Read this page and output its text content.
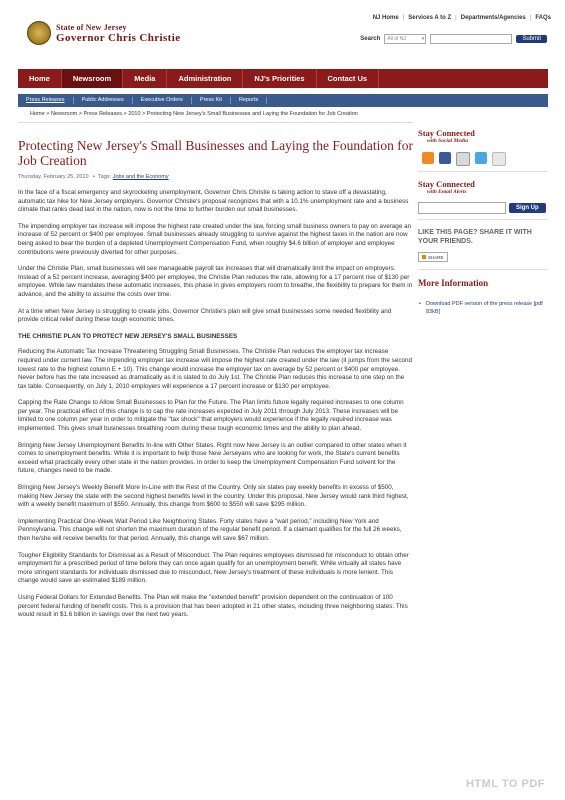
NJ Home | Services A to Z | Departments/Agencies | FAQs
State of New Jersey
Governor Chris Christie	Search	All of NJ	▾	Submit
Home	Newsroom	Media	Administration	NJ's Priorities	Contact Us
Press Releases	Public Addresses	Executive Orders	Press Kit	Reports
Home > Newsroom > Press Releases > 2010 > Protecting New Jersey's Small Businesses and Laying the Foundation for Job Creation
Protecting New Jersey's Small Businesses and Laying the Foundation for Job Creation
Thursday, February 25, 2010   ▪  Tags: Jobs and the Economy

In the face of a fiscal emergency and skyrocketing unemployment, Governor Chris Christie is taking action to stave off a devastating, automatic tax hike for New Jersey employers. Governor Christie's proposal recognizes that with a 10.1% unemployment rate and a business climate that ranks dead last in the nation, now is not the time to further burden our small businesses.

The impending employer tax increase will impose the highest rate created under the law, forcing small business owners to pay on average an increase of 52 percent or $400 per employee. Small businesses already struggling to survive against the highest taxes in the nation are now being asked to bear the burden of a depleted Unemployment Compensation Fund, when roughly $4.6 billion of employer and employee contributions were previously diverted for other purposes.

Under the Christie Plan, small businesses will see manageable payroll tax increases that will dramatically limit the impact on employers. Instead of a 52 percent increase, averaging $400 per employee, the Christie Plan reduces the rate, allowing for a 17 percent rise of $130 per employee. While law mandates these automatic increases, this phase in gives employers room to breathe, the flexibility to prepare for them in advance, and the ability to assume the costs over time.

At a time when New Jersey is struggling to create jobs, Governor Christie's plan will give small businesses some needed flexibility and provide critical relief during these tough economic times.

THE CHRISTIE PLAN TO PROTECT NEW JERSEY'S SMALL BUSINESSES

Reducing the Automatic Tax Increase Threatening Struggling Small Businesses. The Christie Plan reduces the employer tax increase required under current law. The impending employer tax increase will impose the highest rate created under the law (it jumps from the second lowest rate to the highest column E + 10). This change would increase the employer tax on average by 52 percent or $400 per employee. Never before has the rate increased as dramatically as it is slated to do July 1st. The Christie Plan reduces this increase to one step on the tax table. Consequently, on July 1, 2010 employers will experience a 17 percent increase or $130 per employee.

Capping the Rate Change to Allow Small Businesses to Plan for the Future. The Plan limits future legally required increases to one column per year. The practical effect of this change is to cap the rate increases expected in July 2011 through July 2013. These increases will be limited to one column per year in order to mitigate the "tax shock" that employers would experience if the legally required increase was implemented. This gives small businesses breathing room during these tough economic times and the ability to plan ahead.

Bringing New Jersey Unemployment Benefits In-line with Other States. Right now New Jersey is an outlier compared to other states when it comes to unemployment benefits. While it is important to help those New Jerseyans who are looking for work, the State's current benefits exceed what practically every other state in the nation provides. In order to keep the Unemployment Compensation Fund solvent for the future, changes need to be made.

Bringing New Jersey's Weekly Benefit More In-Line with the Rest of the Country. Only six states pay weekly benefits in excess of $500, making New Jersey the state with the second highest benefits level in the country. Under this proposal, New Jersey would rank third highest, with a weekly benefit maximum of $550. Annually, this change from $600 to $550 will save $295 million.

Implementing Practical One-Week Wait Period Like Neighboring States. Forty states have a "wait period," including New York and Pennsylvania. This change will not shorten the maximum duration of the regular benefit period. If a claimant qualifies for the full 26 weeks, then he/she will receive benefits for that period. Annually, this change will save $67 million.

Tougher Eligibility Standards for Dismissal as a Result of Misconduct. The Plan requires employees dismissed for misconduct to obtain other employment for a prescribed period of time before they can once again qualify for an unemployment benefit. While virtually all states have more stringent standards for individuals dismissed due to misconduct, New Jersey's treatment of these individuals is more lenient. This change would save an estimated $189 million.

Using Federal Dollars for Extended Benefits. The Plan will make the "extended benefit" provision dependent on the continuation of 100 percent federal funding of benefit costs. This is a provision that has been adopted in 21 other states, including three neighboring states. This would result in $1.6 billion in savings over the next two years.

Stay Connected
with Social Media
Stay Connected
with Email Alerts
Sign Up
LIKE THIS PAGE? SHARE IT WITH YOUR FRIENDS.
SHARE
More Information
▪ Download PDF version of the press release [pdf 83kB]
HTML TO PDF
